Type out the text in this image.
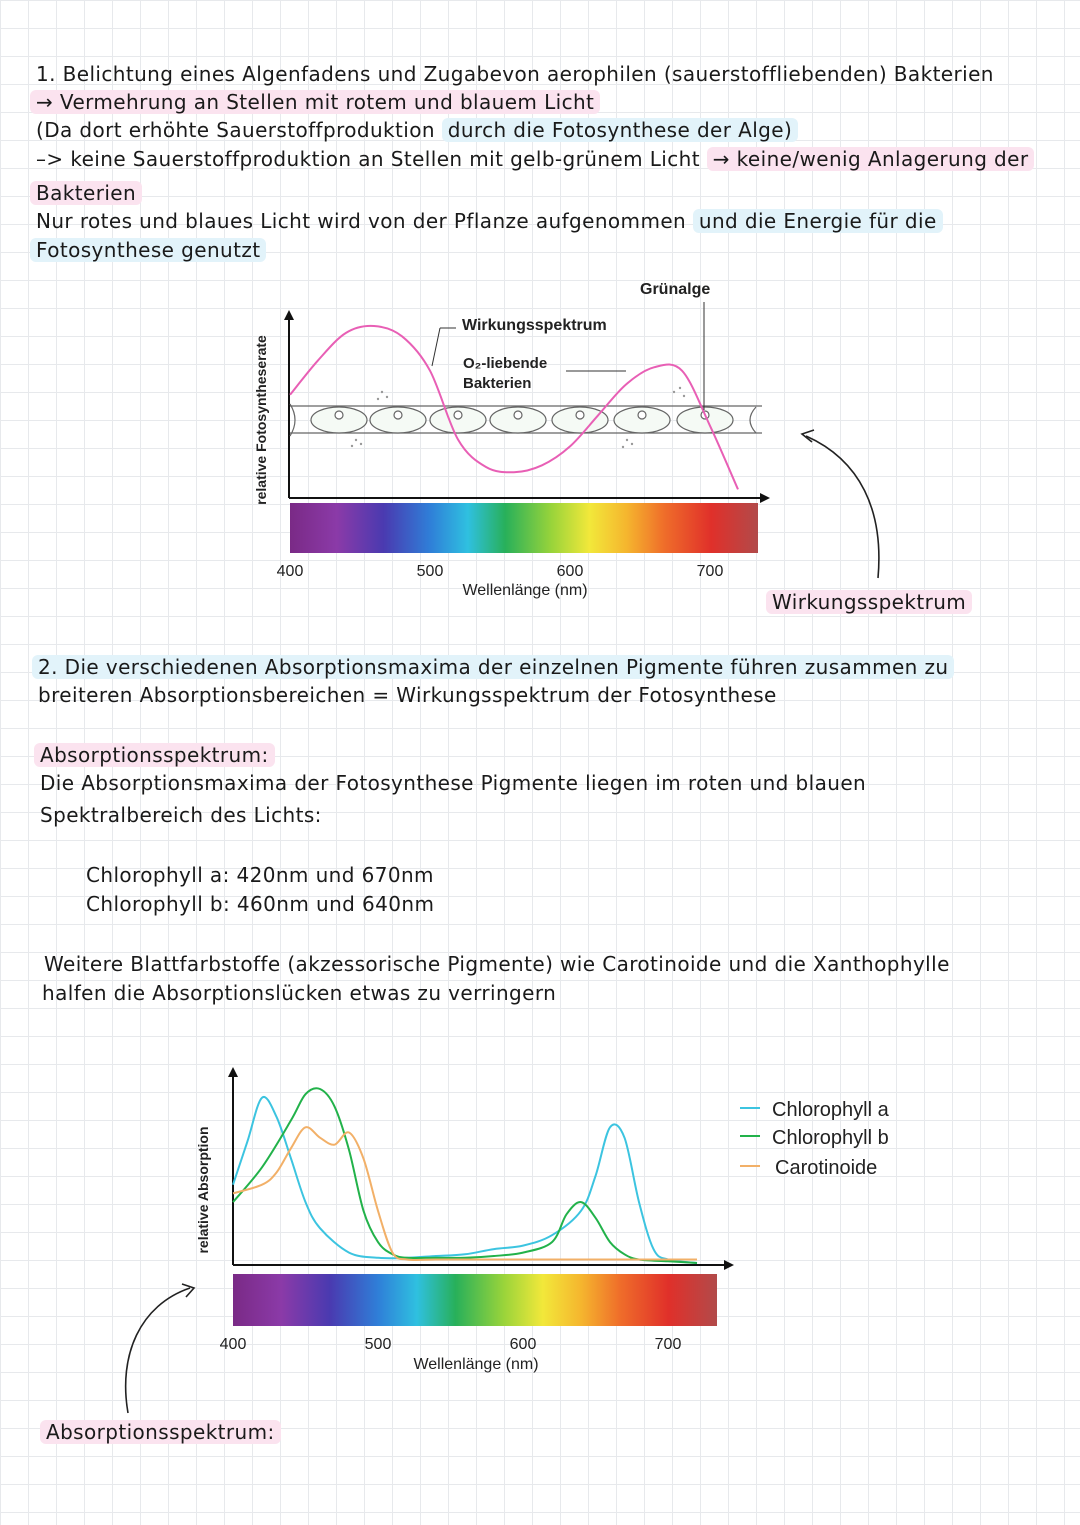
1. Belichtung eines Algenfadens und Zugabevon aerophilen (sauerstoffliebenden) Bakterien
→ Vermehrung an Stellen mit rotem und blauem Licht
(Da dort erhöhte Sauerstoffproduktion durch die Fotosynthese der Alge)
–> keine Sauerstoffproduktion an Stellen mit gelb-grünem Licht → keine/wenig Anlagerung der
Bakterien
Nur rotes und blaues Licht wird von der Pflanze aufgenommen und die Energie für die
Fotosynthese genutzt
relative Fotosyntheserate
Wirkungsspektrum
O₂-liebende
Bakterien
Grünalge
400	500	600	700
Wellenlänge (nm)	Wirkungsspektrum
2. Die verschiedenen Absorptionsmaxima der einzelnen Pigmente führen zusammen zu
breiteren Absorptionsbereichen = Wirkungsspektrum der Fotosynthese
Absorptionsspektrum:
Die Absorptionsmaxima der Fotosynthese Pigmente liegen im roten und blauen
Spektralbereich des Lichts:
Chlorophyll a: 420nm und 670nm
Chlorophyll b: 460nm und 640nm
Weitere Blattfarbstoffe (akzessorische Pigmente) wie Carotinoide und die Xanthophylle
halfen die Absorptionslücken etwas zu verringern
relative Absorption
400	500	600	700
Wellenlänge (nm)
Chlorophyll a
Chlorophyll b
Carotinoide
Absorptionsspektrum:
